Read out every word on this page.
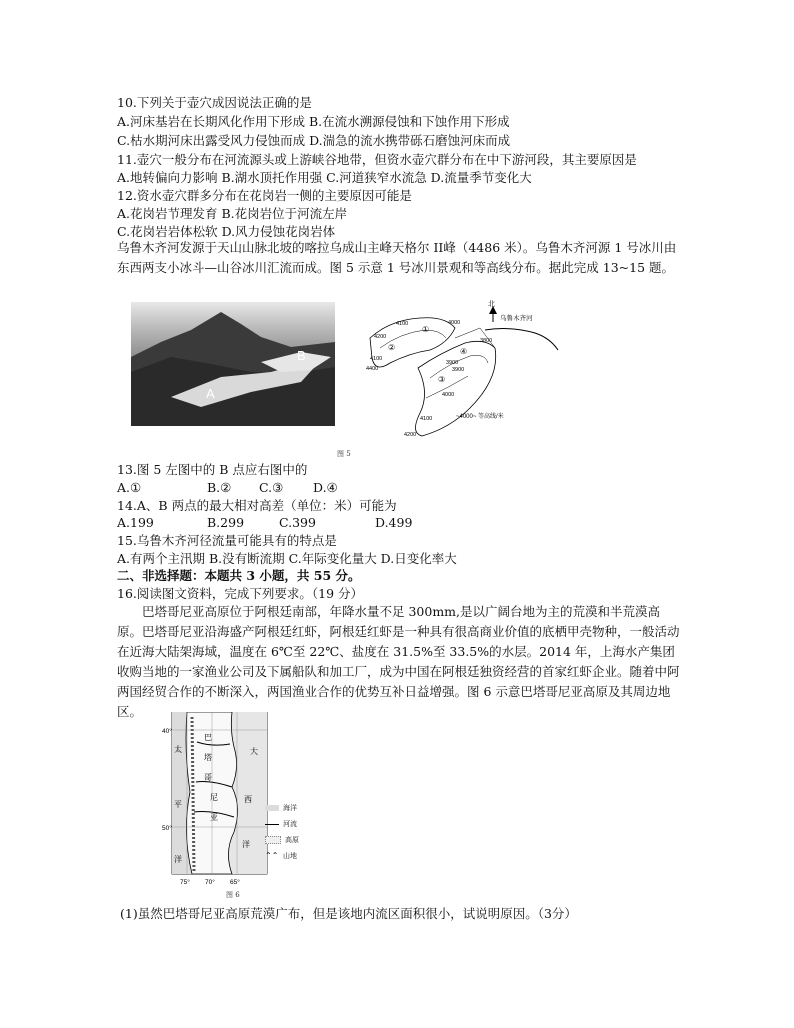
10.下列关于壶穴成因说法正确的是
A.河床基岩在长期风化作用下形成 B.在流水溯源侵蚀和下蚀作用下形成
C.枯水期河床出露受风力侵蚀而成 D.湍急的流水携带砾石磨蚀河床而成
11.壶穴一般分布在河流源头或上游峡谷地带，但资水壶穴群分布在中下游河段，其主要原因是
A.地转偏向力影响 B.湖水顶托作用强 C.河道狭窄水流急 D.流量季节变化大
12.资水壶穴群多分布在花岗岩一侧的主要原因可能是
A.花岗岩节理发育 B.花岗岩位于河流左岸
C.花岗岩岩体松软 D.风力侵蚀花岗岩体
乌鲁木齐河发源于天山山脉北坡的喀拉乌成山主峰天格尔 II峰（4486 米）。乌鲁木齐河源 1 号冰川由东西两支小冰斗—山谷冰川汇流而成。图 5 示意 1 号冰川景观和等高线分布。据此完成 13~15 题。
A
B
北
乌鲁木齐河
①
②
③
④
4100	4000
4200
3900
3800
3900
4000
4100
4200
4100
4400
~4000~ 等高线/米
图 5
13.图 5 左图中的 B 点应右图中的
A.①	B.② C.③ D.④
14.A、B 两点的最大相对高差（单位：米）可能为
A.199	B.299	C.399	D.499
15.乌鲁木齐河径流量可能具有的特点是
A.有两个主汛期 B.没有断流期 C.年际变化量大 D.日变化率大
二、非选择题：本题共 3 小题，共 55 分。
16.阅读图文资料，完成下列要求。（19 分）
巴塔哥尼亚高原位于阿根廷南部，年降水量不足 300mm,是以广阔台地为主的荒漠和半荒漠高原。巴塔哥尼亚沿海盛产阿根廷红虾，阿根廷红虾是一种具有很高商业价值的底栖甲壳物种，一般活动在近海大陆架海域，温度在 6℃至 22℃、盐度在 31.5%至 33.5%的水层。2014 年，上海水产集团收购当地的一家渔业公司及下属船队和加工厂，成为中国在阿根廷独资经营的首家红虾企业。随着中阿两国经贸合作的不断深入，两国渔业合作的优势互补日益增强。图 6 示意巴塔哥尼亚高原及其周边地区。
40°
50°
75° 70° 65°
巴
塔
哥
尼
亚
大
西
洋
太
平
洋
海洋
河流
高原
⌃⌃ 山地
图 6
(1)虽然巴塔哥尼亚高原荒漠广布，但是该地内流区面积很小，试说明原因。（3分）
